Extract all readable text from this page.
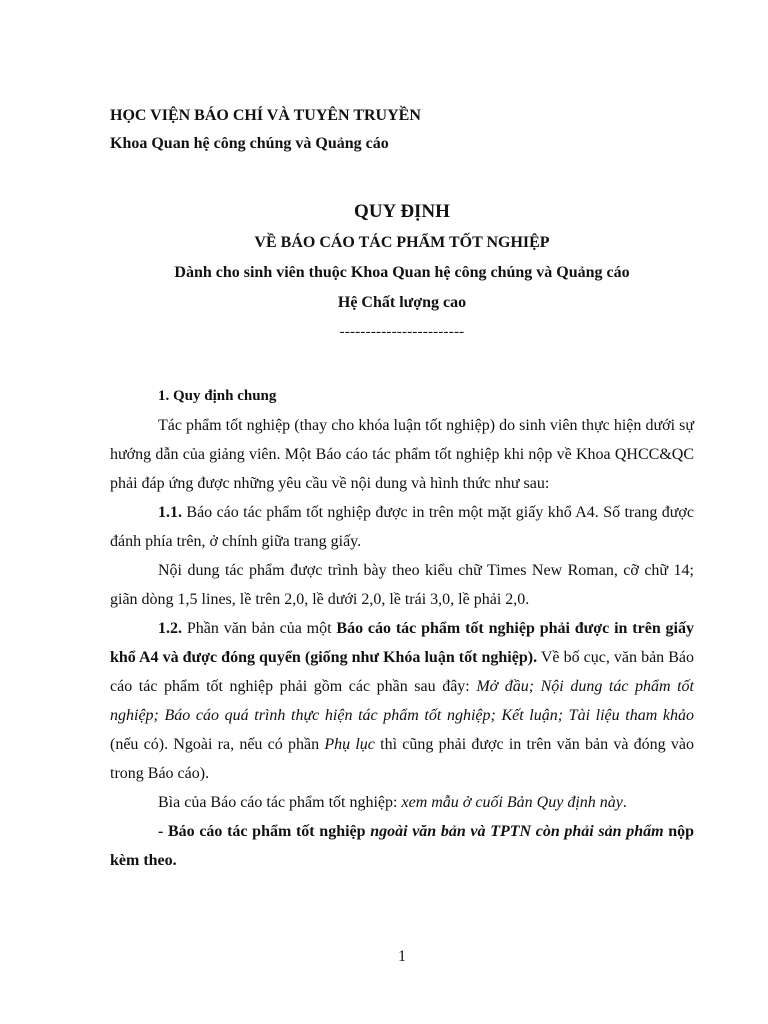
HỌC VIỆN BÁO CHÍ VÀ TUYÊN TRUYỀN
Khoa Quan hệ công chúng và Quảng cáo
QUY ĐỊNH
VỀ BÁO CÁO TÁC PHẨM TỐT NGHIỆP
Dành cho sinh viên thuộc Khoa Quan hệ công chúng và Quảng cáo
Hệ Chất lượng cao
------------------------

1. Quy định chung

Tác phẩm tốt nghiệp (thay cho khóa luận tốt nghiệp) do sinh viên thực hiện dưới sự hướng dẫn của giảng viên. Một Báo cáo tác phẩm tốt nghiệp khi nộp về Khoa QHCC&QC phải đáp ứng được những yêu cầu về nội dung và hình thức như sau:

1.1. Báo cáo tác phẩm tốt nghiệp được in trên một mặt giấy khổ A4. Số trang được đánh phía trên, ở chính giữa trang giấy.

Nội dung tác phẩm được trình bày theo kiểu chữ Times New Roman, cỡ chữ 14; giãn dòng 1,5 lines, lề trên 2,0, lề dưới 2,0, lề trái 3,0, lề phải 2,0.

1.2. Phần văn bản của một Báo cáo tác phẩm tốt nghiệp phải được in trên giấy khổ A4 và được đóng quyển (giống như Khóa luận tốt nghiệp). Về bố cục, văn bản Báo cáo tác phẩm tốt nghiệp phải gồm các phần sau đây: Mở đầu; Nội dung tác phẩm tốt nghiệp; Báo cáo quá trình thực hiện tác phẩm tốt nghiệp; Kết luận; Tài liệu tham khảo (nếu có). Ngoài ra, nếu có phần Phụ lục thì cũng phải được in trên văn bản và đóng vào trong Báo cáo).

Bìa của Báo cáo tác phẩm tốt nghiệp: xem mẫu ở cuối Bản Quy định này.

- Báo cáo tác phẩm tốt nghiệp ngoài văn bản và TPTN còn phải sản phẩm nộp kèm theo.

1
